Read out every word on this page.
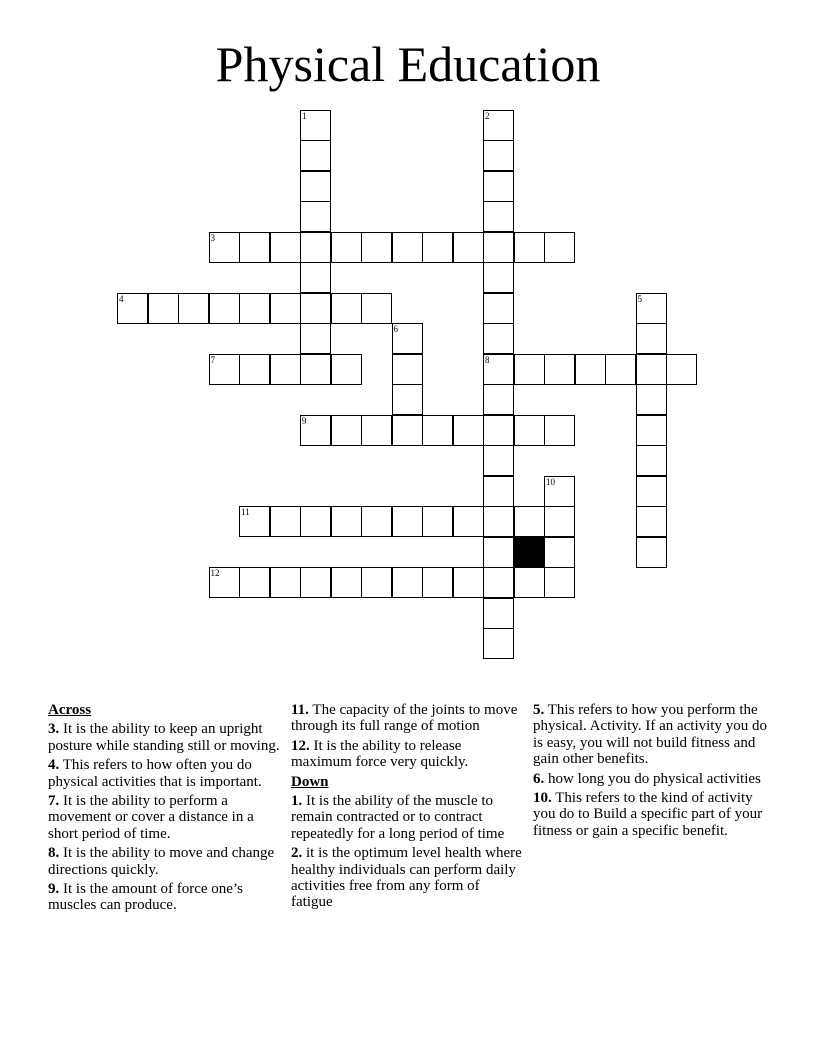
Physical Education
1	2
8
3
4	5
6
7
9
10
11
12
Across

3. It is the ability to keep an upright posture while standing still or moving.

4. This refers to how often you do physical activities that is important.

7. It is the ability to perform a movement or cover a distance in a short period of time.

8. It is the ability to move and change directions quickly.

9. It is the amount of force one’s muscles can produce.

11. The capacity of the joints to move through its full range of motion

12. It is the ability to release maximum force very quickly.

Down

1. It is the ability of the muscle to remain contracted or to contract repeatedly for a long period of time

2. it is the optimum level health where healthy individuals can perform daily activities free from any form of fatigue

5. This refers to how you perform the physical. Activity. If an activity you do is easy, you will not build fitness and gain other benefits.

6. how long you do physical activities

10. This refers to the kind of activity you do to Build a specific part of your fitness or gain a specific benefit.
